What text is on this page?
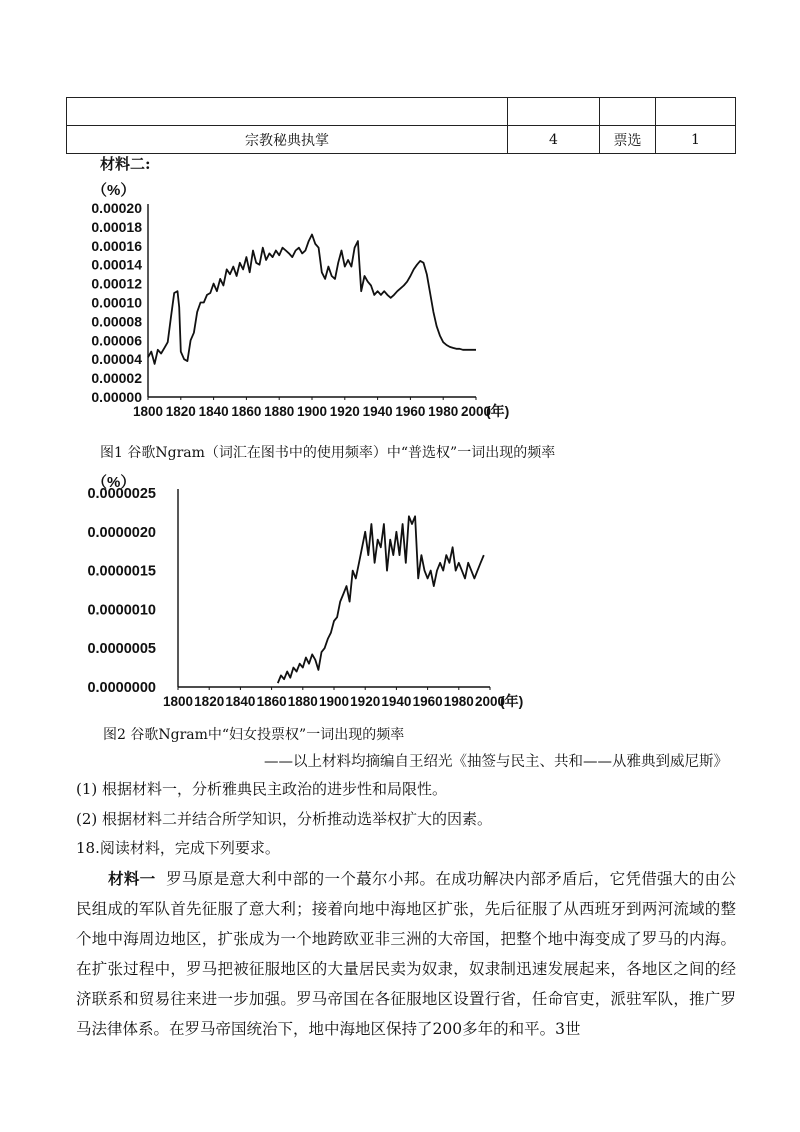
宗教秘典执掌	4	票选	1
材料二:
（%）
0.00000
0.00002
0.00004
0.00006
0.00008
0.00010
0.00012
0.00014
0.00016
0.00018
0.00020
1800 1820 1840 1860 1880 1900 1920 1940 1960 1980 2000
(年)
图1 谷歌Ngram（词汇在图书中的使用频率）中“普选权”一词出现的频率
（%）
0.0000000
0.0000005
0.0000010
0.0000015
0.0000020
0.0000025
1800 1820 1840 1860 1880 1900 1920 1940 1960 1980 2000
(年)
图2 谷歌Ngram中“妇女投票权”一词出现的频率
——以上材料均摘编自王绍光《抽签与民主、共和——从雅典到威尼斯》
(1) 根据材料一，分析雅典民主政治的进步性和局限性。
(2) 根据材料二并结合所学知识，分析推动选举权扩大的因素。
18.阅读材料，完成下列要求。
材料一 罗马原是意大利中部的一个蕞尔小邦。在成功解决内部矛盾后，它凭借强大的由公民组成的军队首先征服了意大利；接着向地中海地区扩张，先后征服了从西班牙到两河流域的整个地中海周边地区，扩张成为一个地跨欧亚非三洲的大帝国，把整个地中海变成了罗马的内海。在扩张过程中，罗马把被征服地区的大量居民卖为奴隶，奴隶制迅速发展起来，各地区之间的经济联系和贸易往来进一步加强。罗马帝国在各征服地区设置行省，任命官吏，派驻军队，推广罗马法律体系。在罗马帝国统治下，地中海地区保持了200多年的和平。3世
